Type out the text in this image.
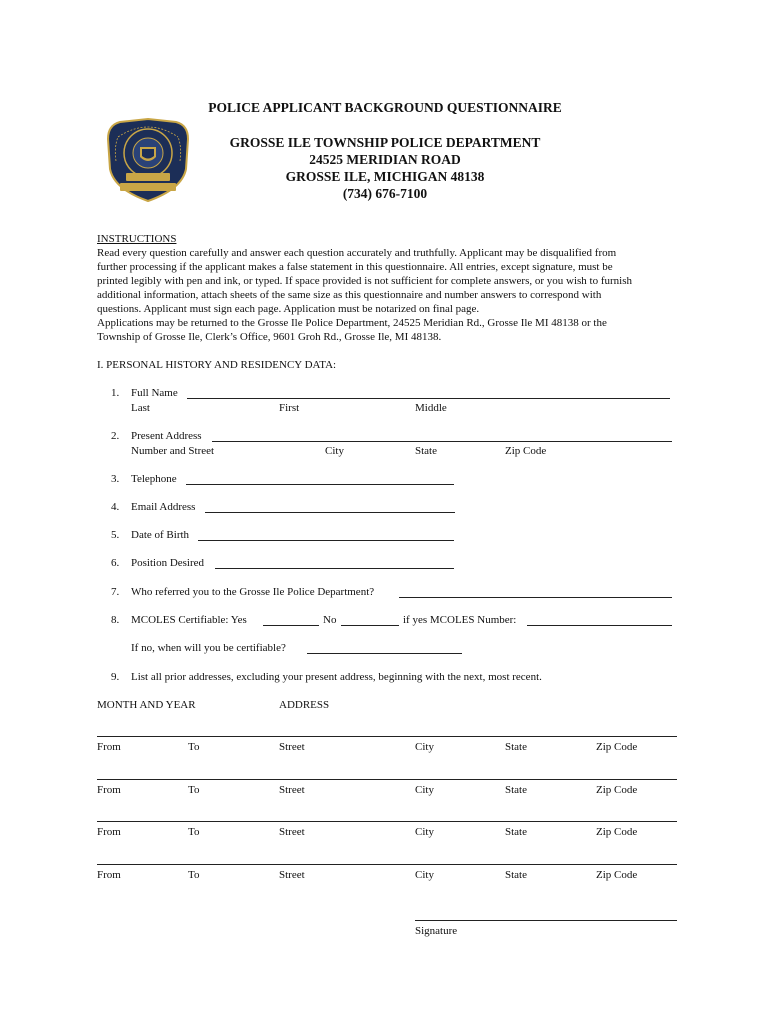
POLICE APPLICANT BACKGROUND QUESTIONNAIRE
GROSSE ILE TOWNSHIP POLICE DEPARTMENT
24525 MERIDIAN ROAD
GROSSE ILE, MICHIGAN 48138
(734) 676-7100
INSTRUCTIONS
Read every question carefully and answer each question accurately and truthfully. Applicant may be disqualified from
further processing if the applicant makes a false statement in this questionnaire. All entries, except signature, must be
printed legibly with pen and ink, or typed. If space provided is not sufficient for complete answers, or you wish to furnish
additional information, attach sheets of the same size as this questionnaire and number answers to correspond with
questions. Applicant must sign each page. Application must be notarized on final page.
Applications may be returned to the Grosse Ile Police Department, 24525 Meridian Rd., Grosse Ile MI 48138 or the
Township of Grosse Ile, Clerk’s Office, 9601 Groh Rd., Grosse Ile, MI 48138.
I. PERSONAL HISTORY AND RESIDENCY DATA:
1. Full Name
Last	First	Middle
2. Present Address
Number and Street	City	State	Zip Code
3. Telephone
4. Email Address
5. Date of Birth
6. Position Desired
7. Who referred you to the Grosse Ile Police Department?
8. MCOLES Certifiable: Yes	No	if yes MCOLES Number:
If no, when will you be certifiable?
9. List all prior addresses, excluding your present address, beginning with the next, most recent.
MONTH AND YEAR	ADDRESS
From	To	Street	City	State	Zip Code
From	To	Street	City	State	Zip Code
From	To	Street	City	State	Zip Code
From	To	Street	City	State	Zip Code
Signature
